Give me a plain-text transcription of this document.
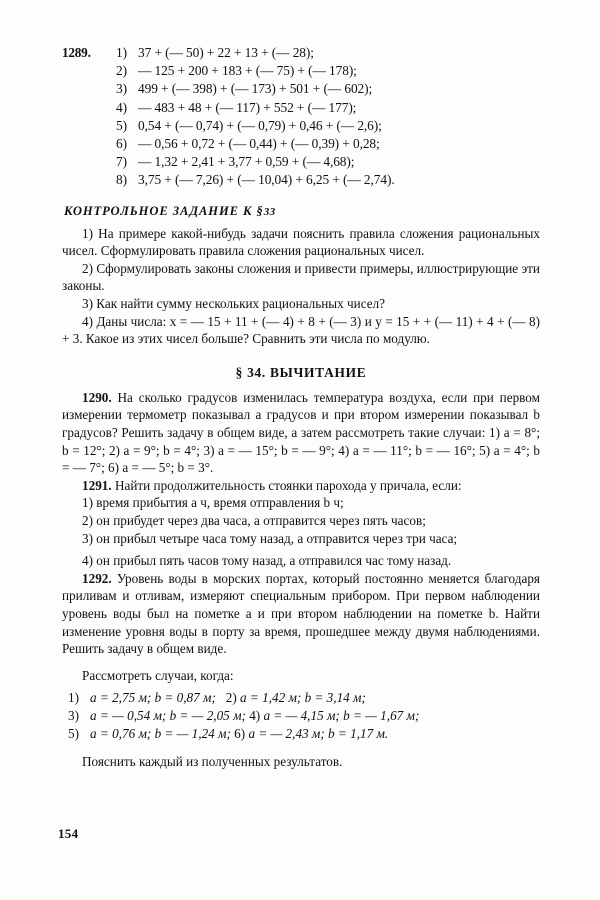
1289.	1) 37 + (— 50) + 22 + 13 + (— 28);
2) — 125 + 200 + 183 + (— 75) + (— 178);
3) 499 + (— 398) + (— 173) + 501 + (— 602);
4) — 483 + 48 + (— 117) + 552 + (— 177);
5) 0,54 + (— 0,74) + (— 0,79) + 0,46 + (— 2,6);
6) — 0,56 + 0,72 + (— 0,44) + (— 0,39) + 0,28;
7) — 1,32 + 2,41 + 3,77 + 0,59 + (— 4,68);
8) 3,75 + (— 7,26) + (— 10,04) + 6,25 + (— 2,74).
КОНТРОЛЬНОЕ ЗАДАНИЕ К §33
1) На примере какой-нибудь задачи пояснить правила сложения рациональных чисел. Сформулировать правила сложения рациональных чисел.
2) Сформулировать законы сложения и привести примеры, иллюстрирующие эти законы.
3) Как найти сумму нескольких рациональных чисел?
4) Даны числа: x = — 15 + 11 + (— 4) + 8 + (— 3) и y = 15 + + (— 11) + 4 + (— 8) + 3. Какое из этих чисел больше? Сравнить эти числа по модулю.
§ 34. ВЫЧИТАНИЕ

1290. На сколько градусов изменилась температура воздуха, если при первом измерении термометр показывал a градусов и при втором измерении показывал b градусов? Решить задачу в общем виде, а затем рассмотреть такие случаи: 1) a = 8°; b = 12°; 2) a = 9°; b = 4°; 3) a = — 15°; b = — 9°; 4) a = — 11°; b = — 16°; 5) a = 4°; b = — 7°; 6) a = — 5°; b = 3°.

1291. Найти продолжительность стоянки парохода у причала, если:

1) время прибытия a ч, время отправления b ч;
2) он прибудет через два часа, а отправится через пять часов;
3) он прибыл четыре часа тому назад, а отправится через три часа;
4) он прибыл пять часов тому назад, а отправился час тому назад.

1292. Уровень воды в морских портах, который постоянно меняется благодаря приливам и отливам, измеряют специальным прибором. При первом наблюдении уровень воды был на пометке a и при втором наблюдении на пометке b. Найти изменение уровня воды в порту за время, прошедшее между двумя наблюдениями. Решить задачу в общем виде.

Рассмотреть случаи, когда:
1) a = 2,75 м; b = 0,87 м; 2) a = 1,42 м; b = 3,14 м;
3) a = — 0,54 м; b = — 2,05 м; 4) a = — 4,15 м; b = — 1,67 м;
5) a = 0,76 м; b = — 1,24 м; 6) a = — 2,43 м; b = 1,17 м.
Пояснить каждый из полученных результатов.
154
